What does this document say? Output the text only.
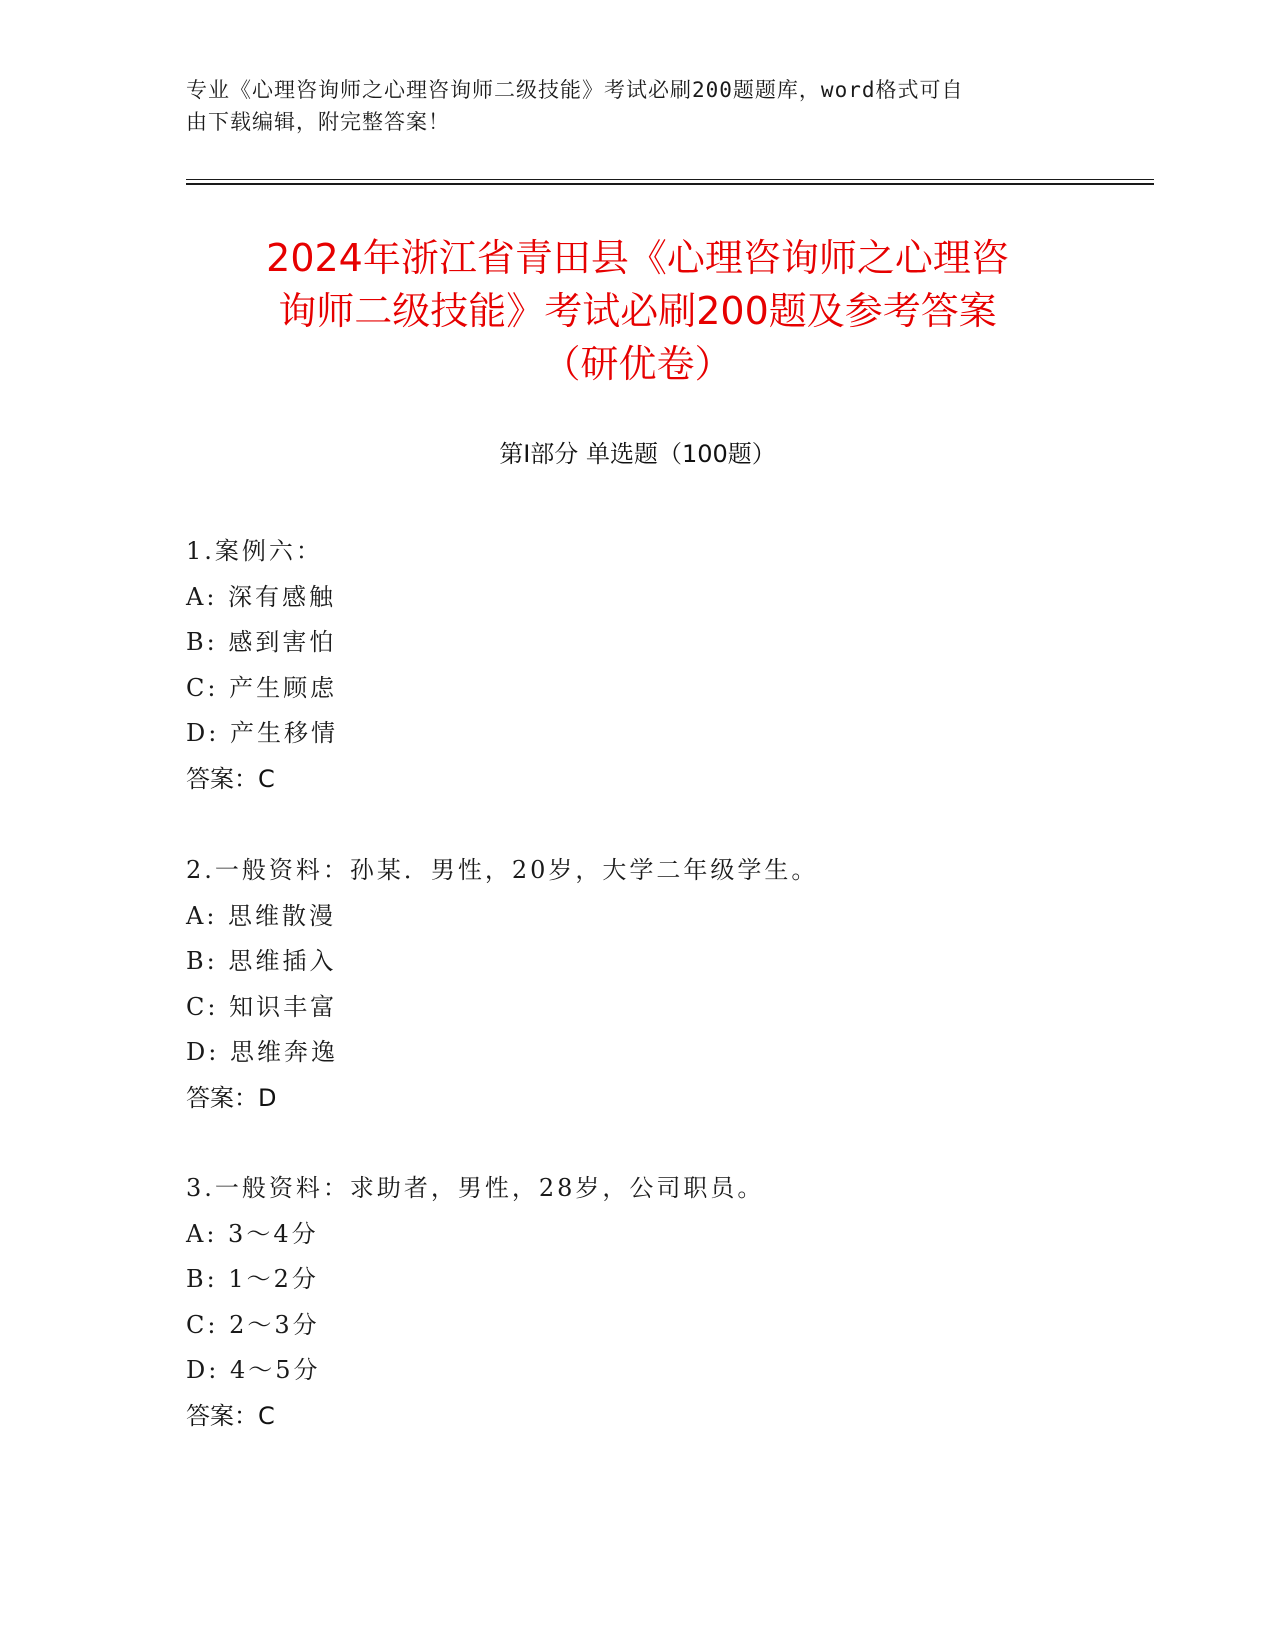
专业《心理咨询师之心理咨询师二级技能》考试必刷200题题库，word格式可自
由下载编辑，附完整答案！
2024年浙江省青田县《心理咨询师之心理咨
询师二级技能》考试必刷200题及参考答案
（研优卷）
第Ⅰ部分 单选题（100题）
1.案例六：
A: 深有感触
B: 感到害怕
C: 产生顾虑
D: 产生移情
答案：C
2.一般资料：孙某．男性，20岁，大学二年级学生。
A: 思维散漫
B: 思维插入
C: 知识丰富
D: 思维奔逸
答案：D
3.一般资料：求助者，男性，28岁，公司职员。
A: 3～4分
B: 1～2分
C: 2～3分
D: 4～5分
答案：C
